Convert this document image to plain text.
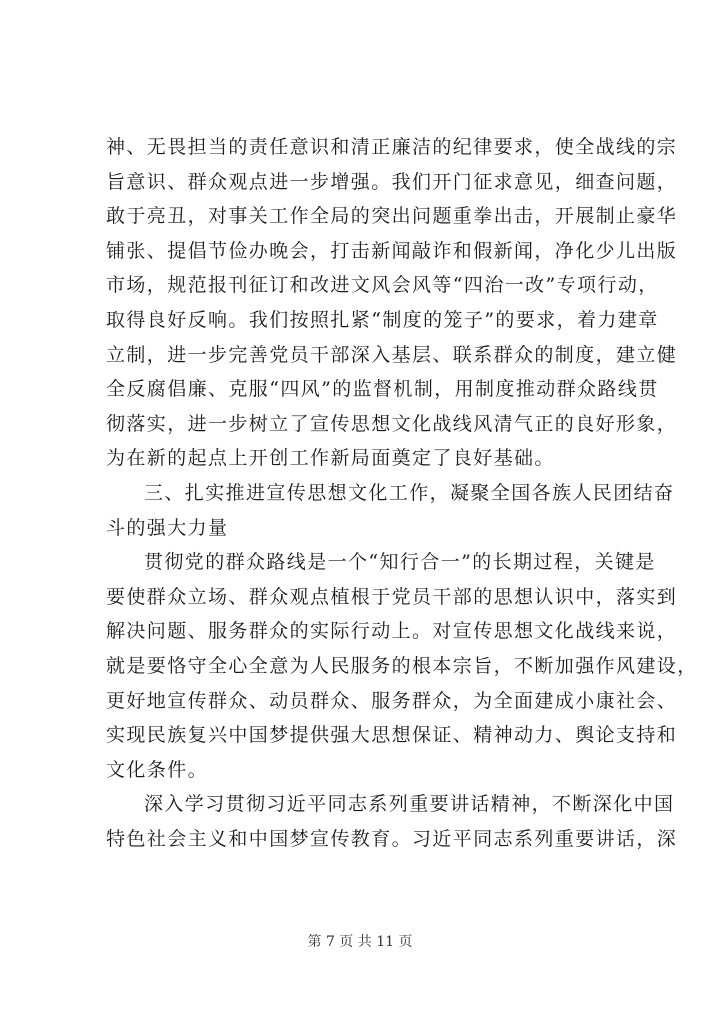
神、无畏担当的责任意识和清正廉洁的纪律要求，使全战线的宗
旨意识、群众观点进一步增强。我们开门征求意见，细查问题，
敢于亮丑，对事关工作全局的突出问题重拳出击，开展制止豪华
铺张、提倡节俭办晚会，打击新闻敲诈和假新闻，净化少儿出版
市场，规范报刊征订和改进文风会风等“四治一改”专项行动，
取得良好反响。我们按照扎紧“制度的笼子”的要求，着力建章
立制，进一步完善党员干部深入基层、联系群众的制度，建立健
全反腐倡廉、克服“四风”的监督机制，用制度推动群众路线贯
彻落实，进一步树立了宣传思想文化战线风清气正的良好形象，
为在新的起点上开创工作新局面奠定了良好基础。
三、扎实推进宣传思想文化工作，凝聚全国各族人民团结奋
斗的强大力量
贯彻党的群众路线是一个“知行合一”的长期过程，关键是
要使群众立场、群众观点植根于党员干部的思想认识中，落实到
解决问题、服务群众的实际行动上。对宣传思想文化战线来说，
就是要恪守全心全意为人民服务的根本宗旨，不断加强作风建设，
更好地宣传群众、动员群众、服务群众，为全面建成小康社会、
实现民族复兴中国梦提供强大思想保证、精神动力、舆论支持和
文化条件。
深入学习贯彻习近平同志系列重要讲话精神，不断深化中国
特色社会主义和中国梦宣传教育。习近平同志系列重要讲话，深
第 7 页 共 11 页
